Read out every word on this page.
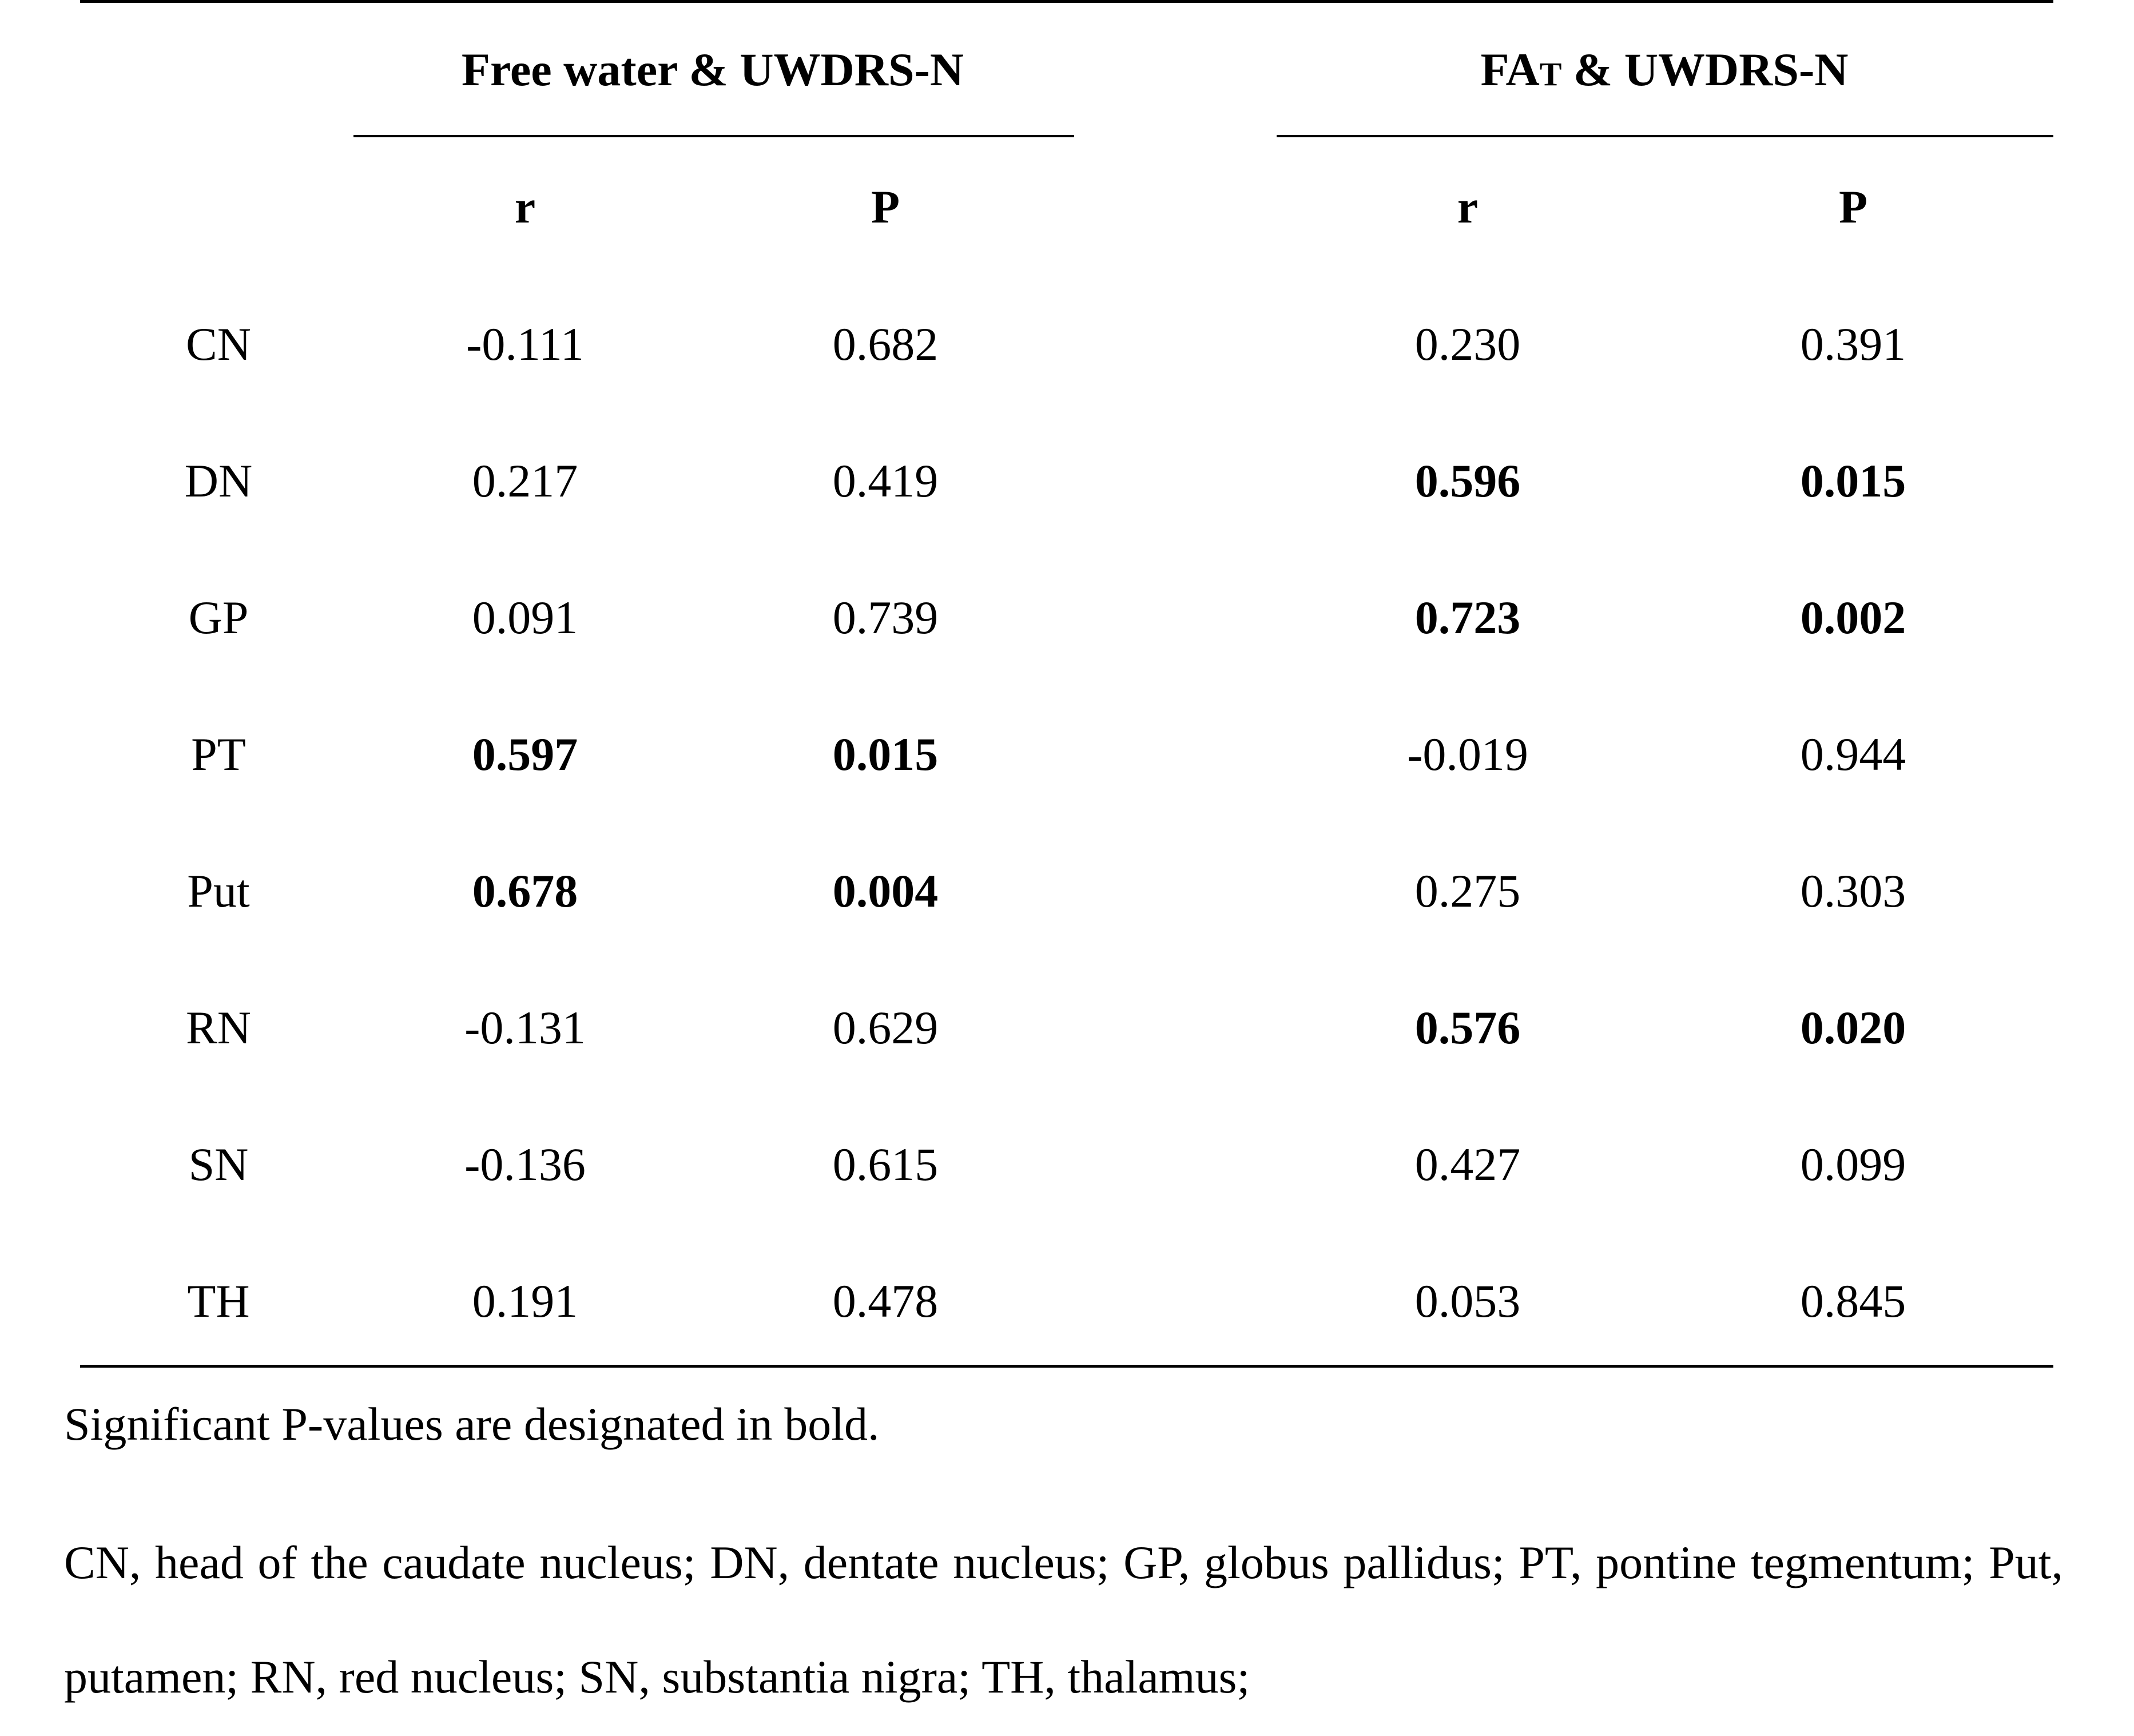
Free water & UWDRS-N	FAT & UWDRS-N
r	P	r	P
CN	-0.111	0.682	0.230	0.391
DN	0.217	0.419	0.596	0.015
GP	0.091	0.739	0.723	0.002
PT	0.597	0.015	-0.019	0.944
Put	0.678	0.004	0.275	0.303
RN	-0.131	0.629	0.576	0.020
SN	-0.136	0.615	0.427	0.099
TH	0.191	0.478	0.053	0.845
Significant P-values are designated in bold.
CN, head of the caudate nucleus; DN, dentate nucleus; GP, globus pallidus; PT, pontine tegmentum; Put, putamen; RN, red nucleus; SN, substantia nigra; TH, thalamus;
